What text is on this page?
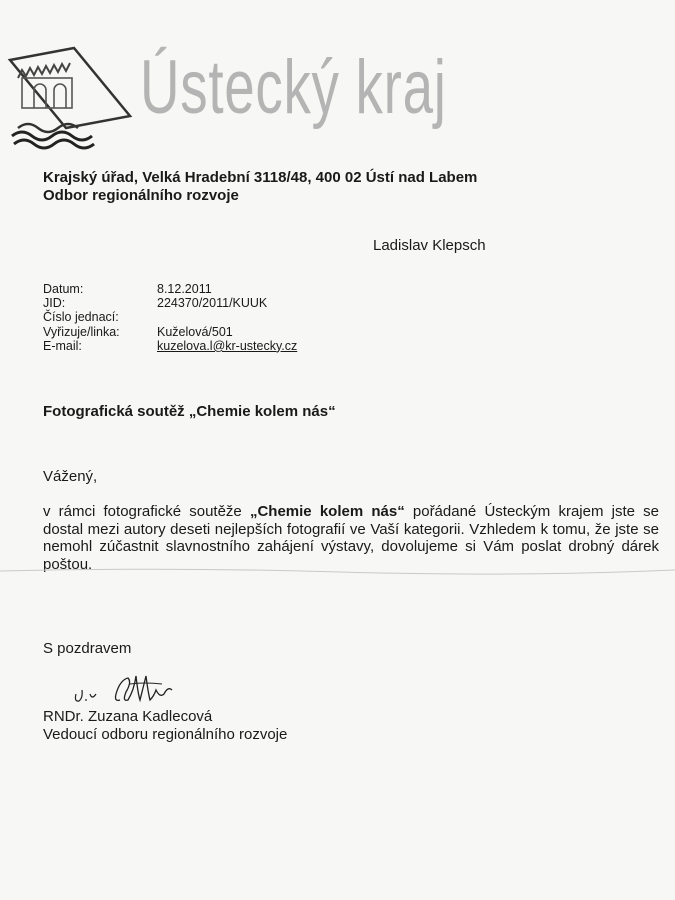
Ústecký kraj
Krajský úřad, Velká Hradební 3118/48, 400 02 Ústí nad Labem
Odbor regionálního rozvoje
Ladislav Klepsch
Datum:	8.12.2011
JID:	224370/2011/KUUK
Číslo jednací:
Vyřizuje/linka:	Kuželová/501
E-mail:	kuzelova.l@kr-ustecky.cz
Fotografická soutěž „Chemie kolem nás“
Vážený,
v rámci fotografické soutěže „Chemie kolem nás“ pořádané Ústeckým krajem jste se dostal mezi autory deseti nejlepších fotografií ve Vaší kategorii. Vzhledem k tomu, že jste se nemohl zúčastnit slavnostního zahájení výstavy, dovolujeme si Vám poslat drobný dárek poštou.
S pozdravem
RNDr. Zuzana Kadlecová
Vedoucí odboru regionálního rozvoje
